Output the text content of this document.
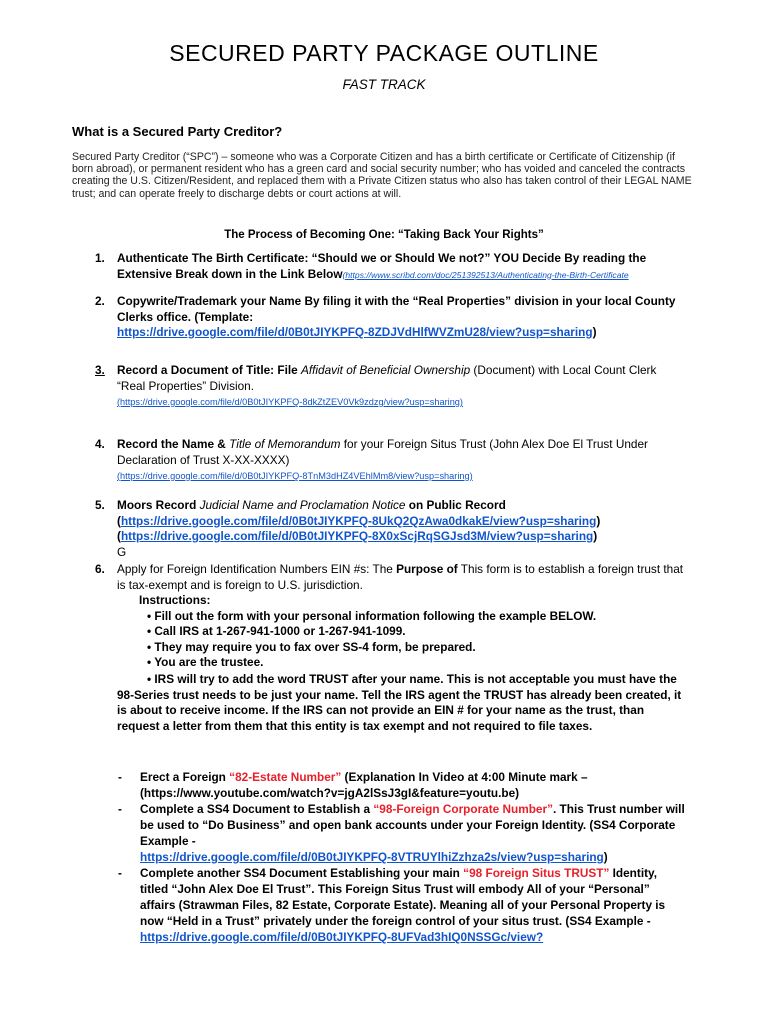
SECURED PARTY PACKAGE OUTLINE
FAST TRACK
What is a Secured Party Creditor?
Secured Party Creditor (“SPC”) – someone who was a Corporate Citizen and has a birth certificate or Certificate of Citizenship (if born abroad), or permanent resident who has a green card and social security number; who has voided and canceled the contracts creating the U.S. Citizen/Resident, and replaced them with a Private Citizen status who also has taken control of their LEGAL NAME trust; and can operate freely to discharge debts or court actions at will.
The Process of Becoming One: “Taking Back Your Rights”
1.	Authenticate The Birth Certificate: “Should we or Should We not?” YOU Decide By reading the Extensive Break down in the Link Below(https://www.scribd.com/doc/251392513/Authenticating-the-Birth-Certificate
2.	Copywrite/Trademark your Name By filing it with the “Real Properties” division in your local County Clerks office. (Template:
https://drive.google.com/file/d/0B0tJIYKPFQ-8ZDJVdHlfWVZmU28/view?usp=sharing)
3.	Record a Document of Title: File Affidavit of Beneficial Ownership (Document) with Local Count Clerk “Real Properties” Division.
(https://drive.google.com/file/d/0B0tJIYKPFQ-8dkZtZEV0Vk9zdzg/view?usp=sharing)
4.	Record the Name & Title of Memorandum for your Foreign Situs Trust (John Alex Doe El Trust Under Declaration of Trust X-XX-XXXX)
(https://drive.google.com/file/d/0B0tJIYKPFQ-8TnM3dHZ4VEhlMm8/view?usp=sharing)
5.	Moors Record Judicial Name and Proclamation Notice on Public Record
(https://drive.google.com/file/d/0B0tJIYKPFQ-8UkQ2QzAwa0dkakE/view?usp=sharing)
(https://drive.google.com/file/d/0B0tJIYKPFQ-8X0xScjRqSGJsd3M/view?usp=sharing)
G
6.	Apply for Foreign Identification Numbers EIN #s: The Purpose of This form is to establish a foreign trust that is tax-exempt and is foreign to U.S. jurisdiction.
Instructions:
• Fill out the form with your personal information following the example BELOW.
• Call IRS at 1-267-941-1000 or 1-267-941-1099.
• They may require you to fax over SS-4 form, be prepared.
• You are the trustee.
• IRS will try to add the word TRUST after your name. This is not acceptable you must have the 98-Series trust needs to be just your name. Tell the IRS agent the TRUST has already been created, it is about to receive income. If the IRS can not provide an EIN # for your name as the trust, than request a letter from them that this entity is tax exempt and not required to file taxes.
- Erect a Foreign “82-Estate Number” (Explanation In Video at 4:00 Minute mark – (https://www.youtube.com/watch?v=jgA2lSsJ3gI&feature=youtu.be)
- Complete a SS4 Document to Establish a “98-Foreign Corporate Number”. This Trust number will be used to “Do Business” and open bank accounts under your Foreign Identity. (SS4 Corporate Example -
https://drive.google.com/file/d/0B0tJIYKPFQ-8VTRUYlhiZzhza2s/view?usp=sharing)
- Complete another SS4 Document Establishing your main “98 Foreign Situs TRUST” Identity, titled “John Alex Doe El Trust”. This Foreign Situs Trust will embody All of your “Personal” affairs (Strawman Files, 82 Estate, Corporate Estate). Meaning all of your Personal Property is now “Held in a Trust” privately under the foreign control of your situs trust. (SS4 Example -
https://drive.google.com/file/d/0B0tJIYKPFQ-8UFVad3hIQ0NSSGc/view?
